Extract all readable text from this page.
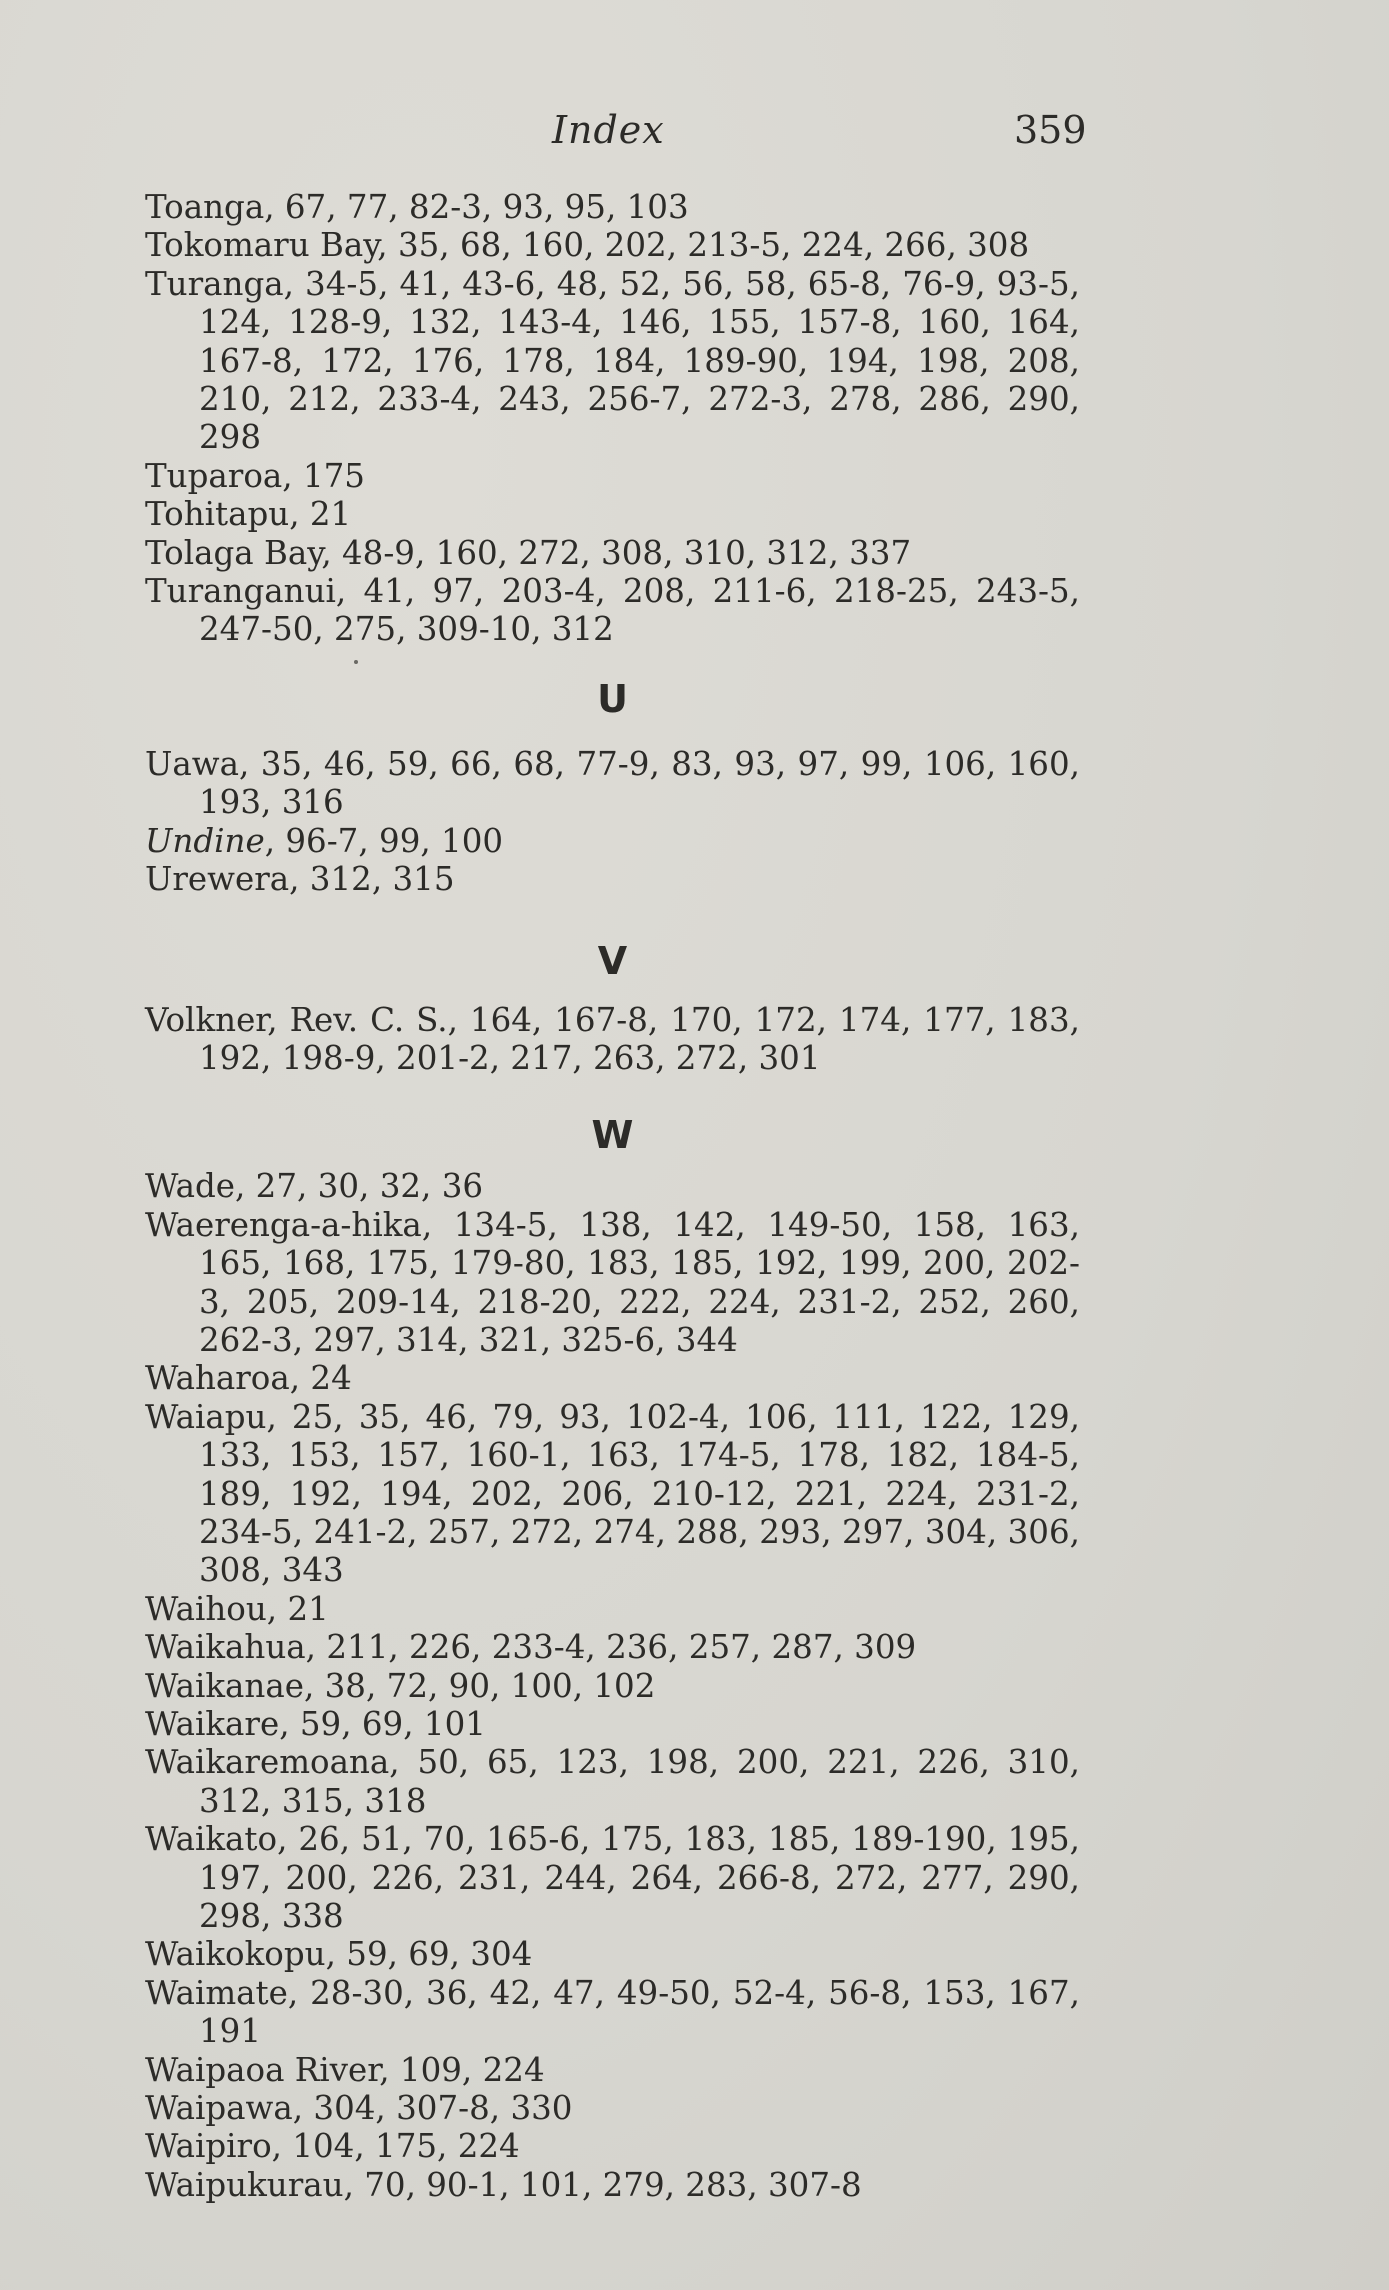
Index	359

Toanga, 67, 77, 82-3, 93, 95, 103

Tokomaru Bay, 35, 68, 160, 202, 213-5, 224, 266, 308

Turanga, 34-5, 41, 43-6, 48, 52, 56, 58, 65-8, 76-9, 93-5, 124, 128-9, 132, 143-4, 146, 155, 157-8, 160, 164, 167-8, 172, 176, 178, 184, 189-90, 194, 198, 208, 210, 212, 233-4, 243, 256-7, 272-3, 278, 286, 290, 298

Tuparoa, 175

Tohitapu, 21

Tolaga Bay, 48-9, 160, 272, 308, 310, 312, 337

Turanganui, 41, 97, 203-4, 208, 211-6, 218-25, 243-5, 247-50, 275, 309-10, 312

U

Uawa, 35, 46, 59, 66, 68, 77-9, 83, 93, 97, 99, 106, 160, 193, 316

Undine, 96-7, 99, 100

Urewera, 312, 315

V

Volkner, Rev. C. S., 164, 167-8, 170, 172, 174, 177, 183, 192, 198-9, 201-2, 217, 263, 272, 301

W

Wade, 27, 30, 32, 36

Waerenga-a-hika, 134-5, 138, 142, 149-50, 158, 163, 165, 168, 175, 179-80, 183, 185, 192, 199, 200, 202-3, 205, 209-14, 218-20, 222, 224, 231-2, 252, 260, 262-3, 297, 314, 321, 325-6, 344

Waharoa, 24

Waiapu, 25, 35, 46, 79, 93, 102-4, 106, 111, 122, 129, 133, 153, 157, 160-1, 163, 174-5, 178, 182, 184-5, 189, 192, 194, 202, 206, 210-12, 221, 224, 231-2, 234-5, 241-2, 257, 272, 274, 288, 293, 297, 304, 306, 308, 343

Waihou, 21

Waikahua, 211, 226, 233-4, 236, 257, 287, 309

Waikanae, 38, 72, 90, 100, 102

Waikare, 59, 69, 101

Waikaremoana, 50, 65, 123, 198, 200, 221, 226, 310, 312, 315, 318

Waikato, 26, 51, 70, 165-6, 175, 183, 185, 189-190, 195, 197, 200, 226, 231, 244, 264, 266-8, 272, 277, 290, 298, 338

Waikokopu, 59, 69, 304

Waimate, 28-30, 36, 42, 47, 49-50, 52-4, 56-8, 153, 167, 191

Waipaoa River, 109, 224

Waipawa, 304, 307-8, 330

Waipiro, 104, 175, 224

Waipukurau, 70, 90-1, 101, 279, 283, 307-8
